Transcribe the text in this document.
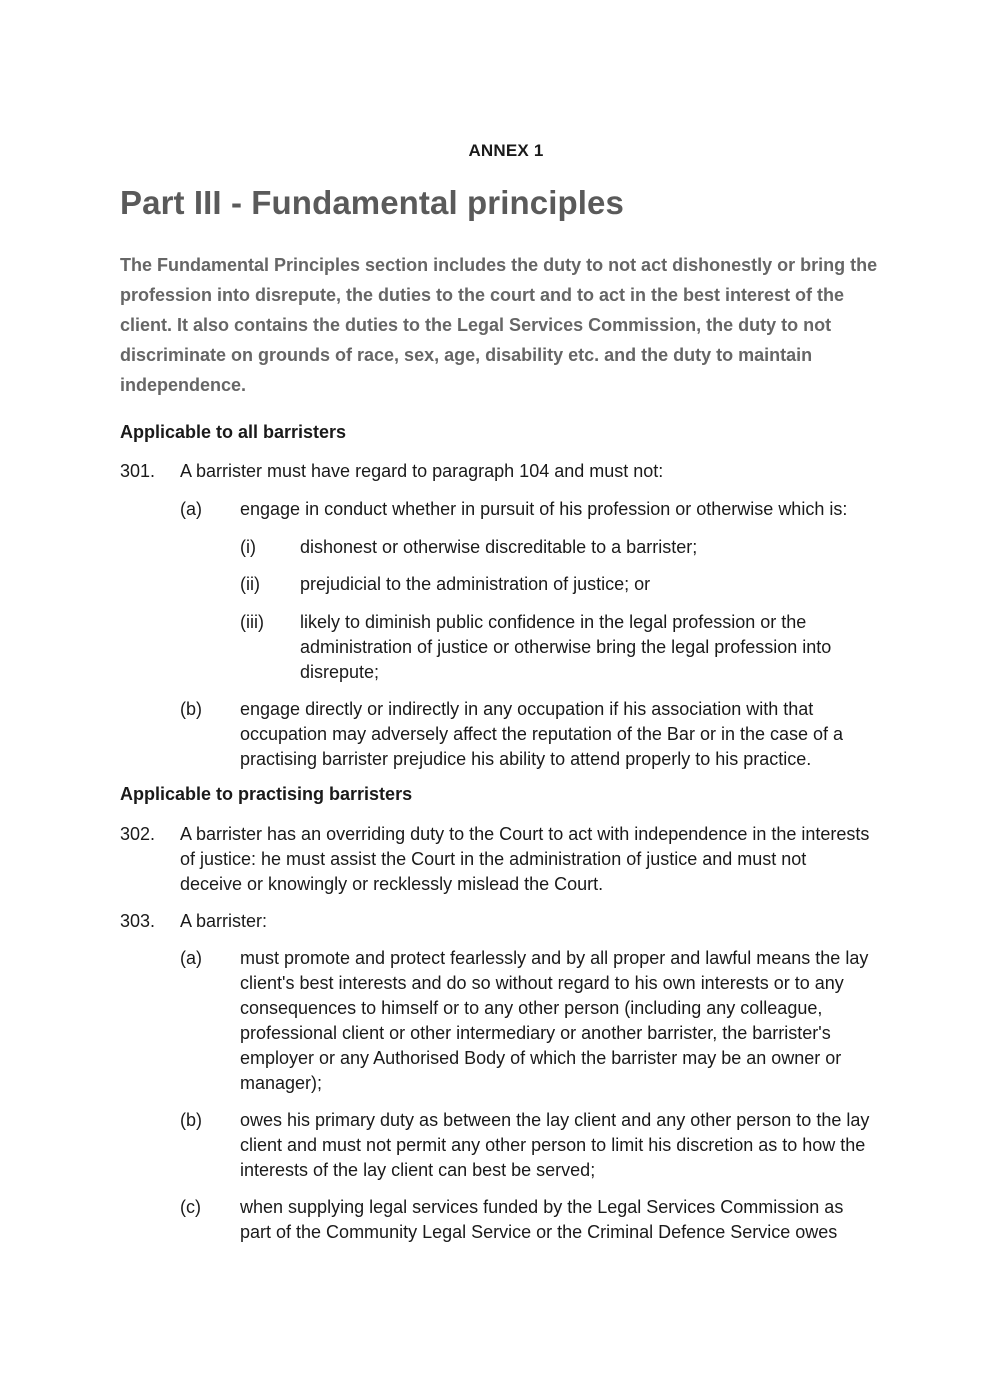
ANNEX 1
Part III - Fundamental principles

The Fundamental Principles section includes the duty to not act dishonestly or bring the profession into disrepute, the duties to the court and to act in the best interest of the client. It also contains the duties to the Legal Services Commission, the duty to not discriminate on grounds of race, sex, age, disability etc. and the duty to maintain independence.

Applicable to all barristers
301. A barrister must have regard to paragraph 104 and must not:
(a) engage in conduct whether in pursuit of his profession or otherwise which is:
(i) dishonest or otherwise discreditable to a barrister;
(ii) prejudicial to the administration of justice; or
(iii) likely to diminish public confidence in the legal profession or the administration of justice or otherwise bring the legal profession into disrepute;
(b) engage directly or indirectly in any occupation if his association with that occupation may adversely affect the reputation of the Bar or in the case of a practising barrister prejudice his ability to attend properly to his practice.
Applicable to practising barristers
302. A barrister has an overriding duty to the Court to act with independence in the interests of justice: he must assist the Court in the administration of justice and must not deceive or knowingly or recklessly mislead the Court.
303. A barrister:
(a) must promote and protect fearlessly and by all proper and lawful means the lay client's best interests and do so without regard to his own interests or to any consequences to himself or to any other person (including any colleague, professional client or other intermediary or another barrister, the barrister's employer or any Authorised Body of which the barrister may be an owner or manager);
(b) owes his primary duty as between the lay client and any other person to the lay client and must not permit any other person to limit his discretion as to how the interests of the lay client can best be served;
(c) when supplying legal services funded by the Legal Services Commission as part of the Community Legal Service or the Criminal Defence Service owes
